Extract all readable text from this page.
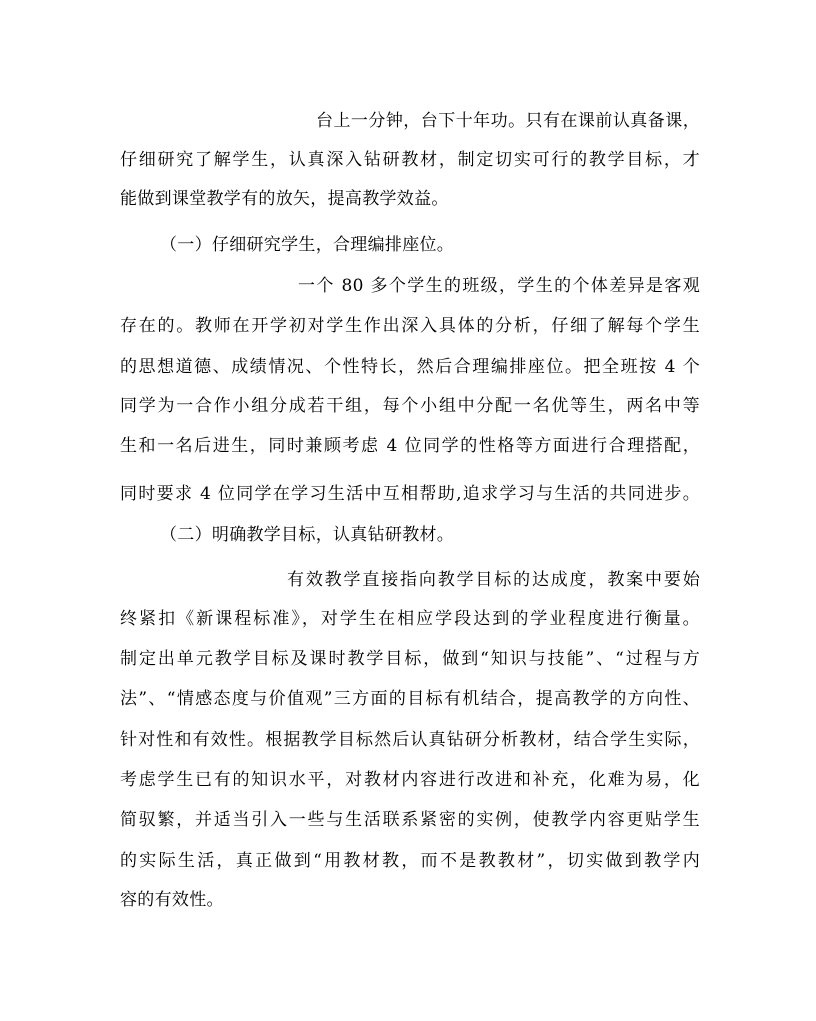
台上一分钟，台下十年功。只有在课前认真备课，
仔细研究了解学生，认真深入钻研教材，制定切实可行的教学目标，才
能做到课堂教学有的放矢，提高教学效益。
（一）仔细研究学生，合理编排座位。
一个 80 多个学生的班级，学生的个体差异是客观
存在的。教师在开学初对学生作出深入具体的分析，仔细了解每个学生
的思想道德、成绩情况、个性特长，然后合理编排座位。把全班按 4 个
同学为一合作小组分成若干组，每个小组中分配一名优等生，两名中等
生和一名后进生，同时兼顾考虑 4 位同学的性格等方面进行合理搭配，
同时要求 4 位同学在学习生活中互相帮助,追求学习与生活的共同进步。
（二）明确教学目标，认真钻研教材。
有效教学直接指向教学目标的达成度，教案中要始
终紧扣《新课程标准》，对学生在相应学段达到的学业程度进行衡量。
制定出单元教学目标及课时教学目标，做到“知识与技能”、“过程与方
法”、“情感态度与价值观”三方面的目标有机结合，提高教学的方向性、
针对性和有效性。根据教学目标然后认真钻研分析教材，结合学生实际，
考虑学生已有的知识水平，对教材内容进行改进和补充，化难为易，化
简驭繁，并适当引入一些与生活联系紧密的实例，使教学内容更贴学生
的实际生活，真正做到“用教材教，而不是教教材”，切实做到教学内
容的有效性。
